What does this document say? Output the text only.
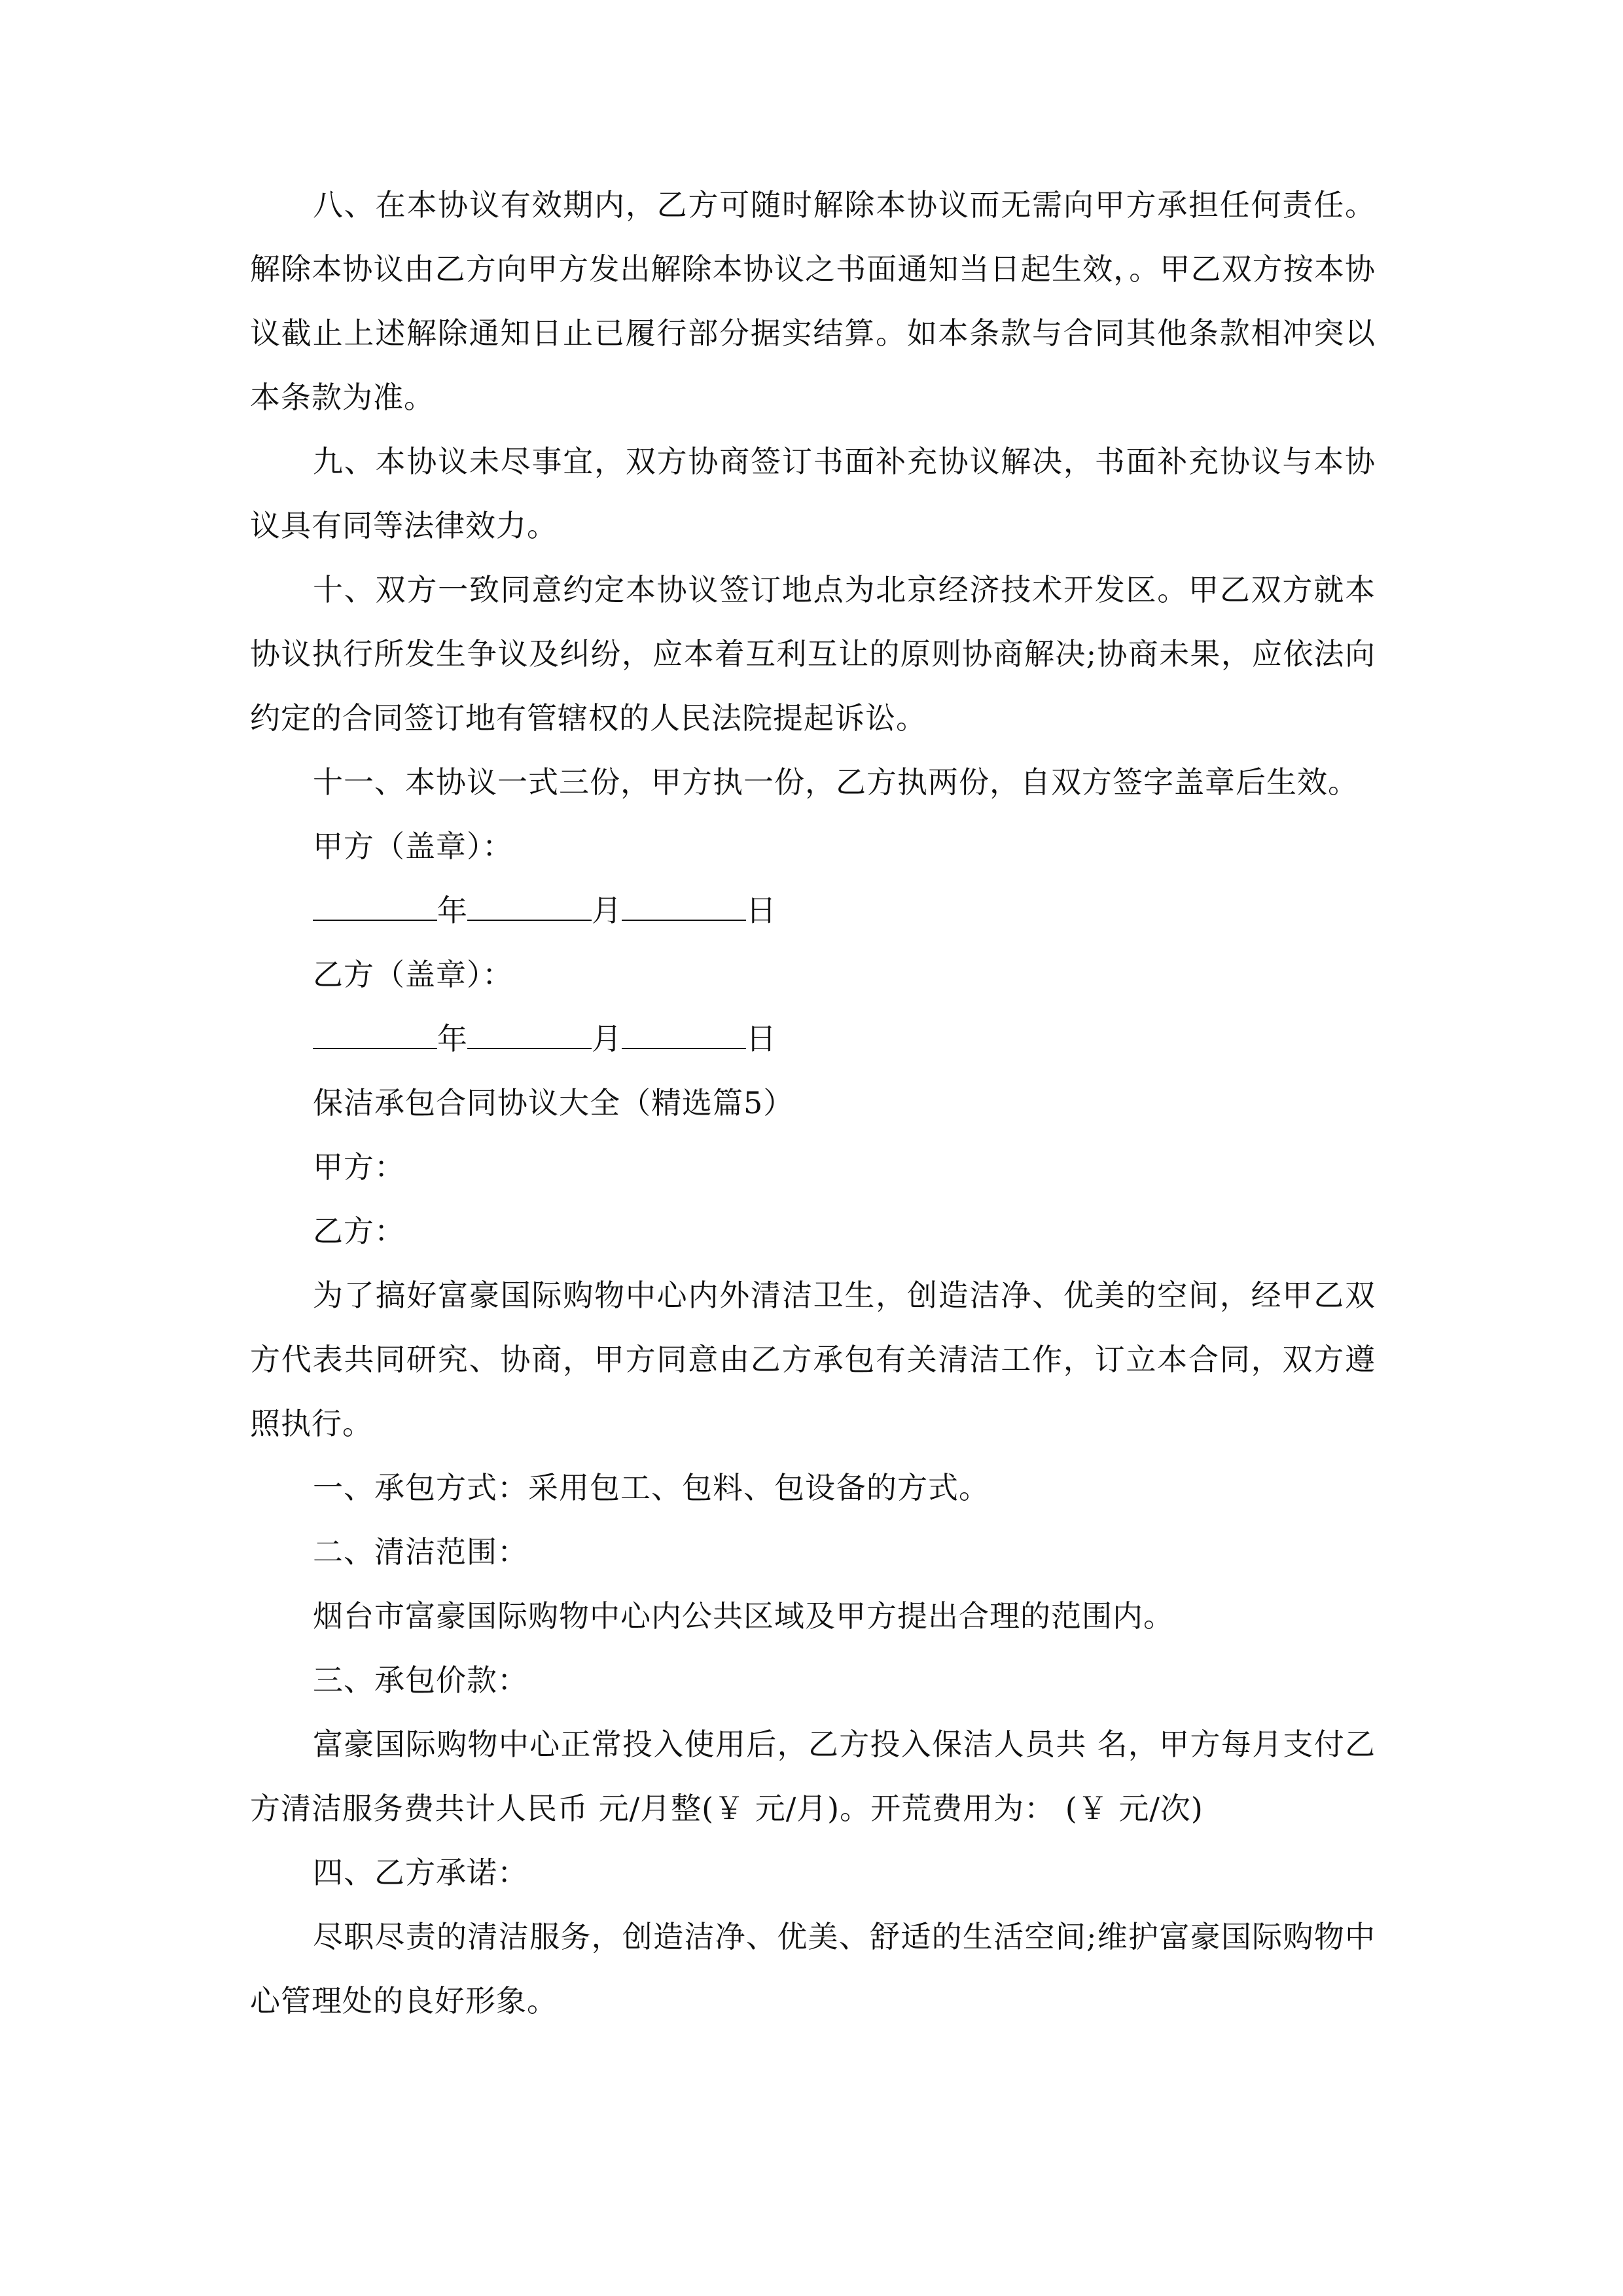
八、在本协议有效期内，乙方可随时解除本协议而无需向甲方承担任何责任。解除本协议由乙方向甲方发出解除本协议之书面通知当日起生效，。甲乙双方按本协议截止上述解除通知日止已履行部分据实结算。如本条款与合同其他条款相冲突以本条款为准。

九、本协议未尽事宜，双方协商签订书面补充协议解决，书面补充协议与本协议具有同等法律效力。

十、双方一致同意约定本协议签订地点为北京经济技术开发区。甲乙双方就本协议执行所发生争议及纠纷，应本着互利互让的原则协商解决;协商未果，应依法向约定的合同签订地有管辖权的人民法院提起诉讼。

十一、本协议一式三份，甲方执一份，乙方执两份，自双方签字盖章后生效。

甲方（盖章）：

年	月	日

乙方（盖章）：

年	月	日

保洁承包合同协议大全（精选篇5）

甲方：

乙方：

为了搞好富豪国际购物中心内外清洁卫生，创造洁净、优美的空间，经甲乙双方代表共同研究、协商，甲方同意由乙方承包有关清洁工作，订立本合同，双方遵照执行。

一、承包方式：采用包工、包料、包设备的方式。

二、清洁范围：

烟台市富豪国际购物中心内公共区域及甲方提出合理的范围内。

三、承包价款：

富豪国际购物中心正常投入使用后，乙方投入保洁人员共 名，甲方每月支付乙方清洁服务费共计人民币 元/月整(￥ 元/月)。开荒费用为： (￥ 元/次)

四、乙方承诺：

尽职尽责的清洁服务，创造洁净、优美、舒适的生活空间;维护富豪国际购物中心管理处的良好形象。
